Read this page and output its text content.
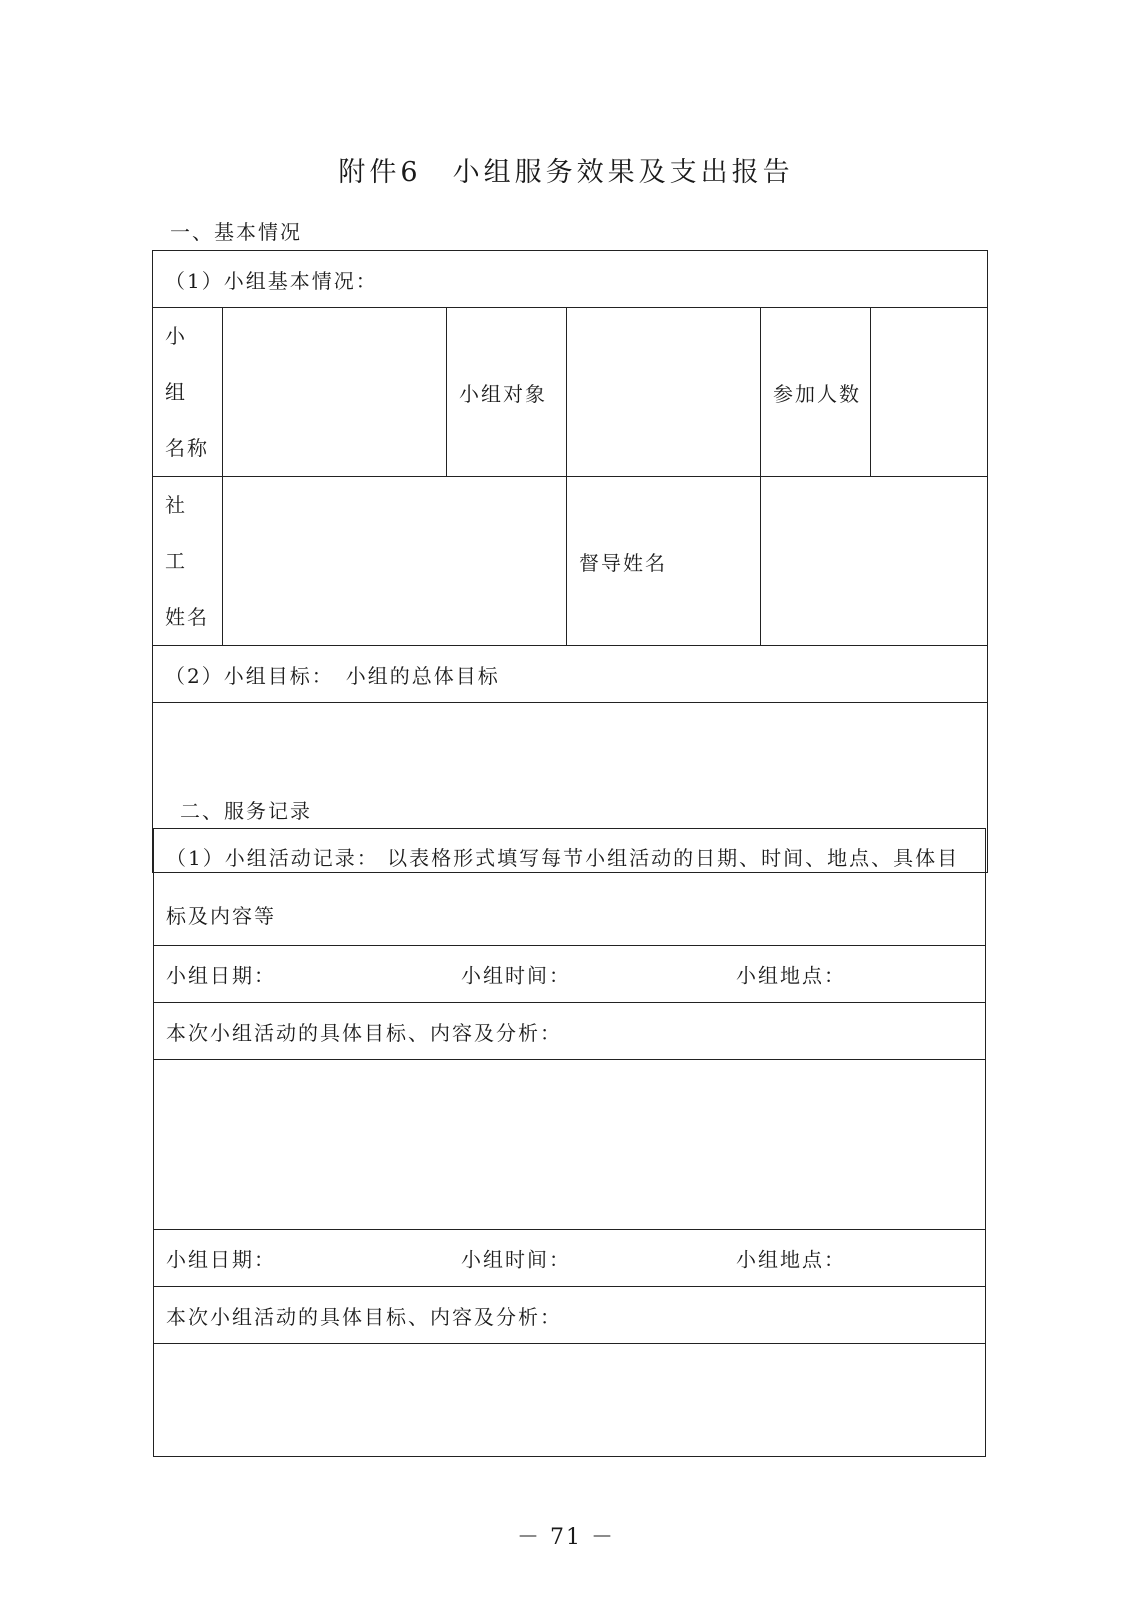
附件6　小组服务效果及支出报告
一、基本情况
（1）小组基本情况：					

小 组
名称		小组对象		参加人数	

社 工
姓名			督导姓名		
（2）小组目标：　小组的总体目标					

二、服务记录
（1）小组活动记录： 以表格形式填写每节小组活动的日期、时间、地点、具体目标及内容等

小组日期：	小组时间：	小组地点：

本次小组活动的具体目标、内容及分析：

小组日期：	小组时间：	小组地点：

本次小组活动的具体目标、内容及分析：

－ 71 －
